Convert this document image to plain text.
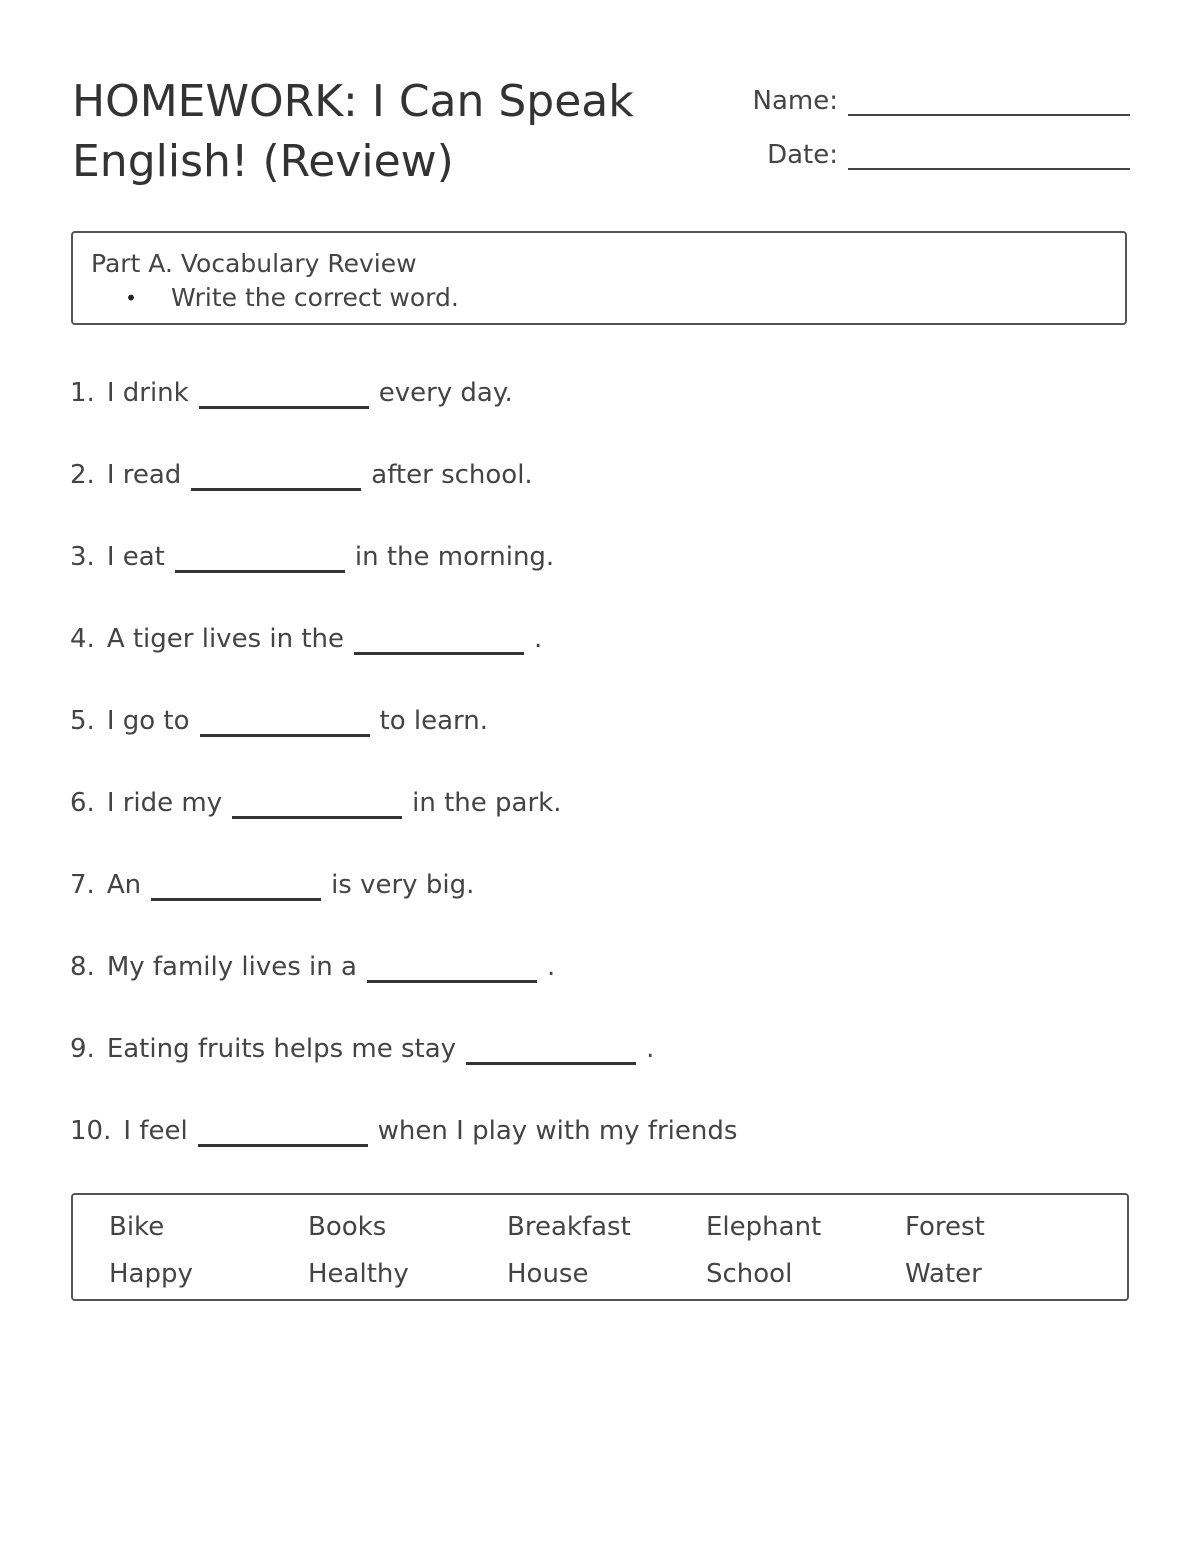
HOMEWORK: I Can Speak
English! (Review)
Name:
Date:
Part A. Vocabulary Review
•	Write the correct word.
1. I drink	every day.
2. I read	after school.
3. I eat	in the morning.
4. A tiger lives in the	.
5. I go to	to learn.
6. I ride my	in the park.
7. An	is very big.
8. My family lives in a	.
9. Eating fruits helps me stay	.
10. I feel	when I play with my friends
Bike	Books	Breakfast	Elephant	Forest
Happy	Healthy	House	School	Water
